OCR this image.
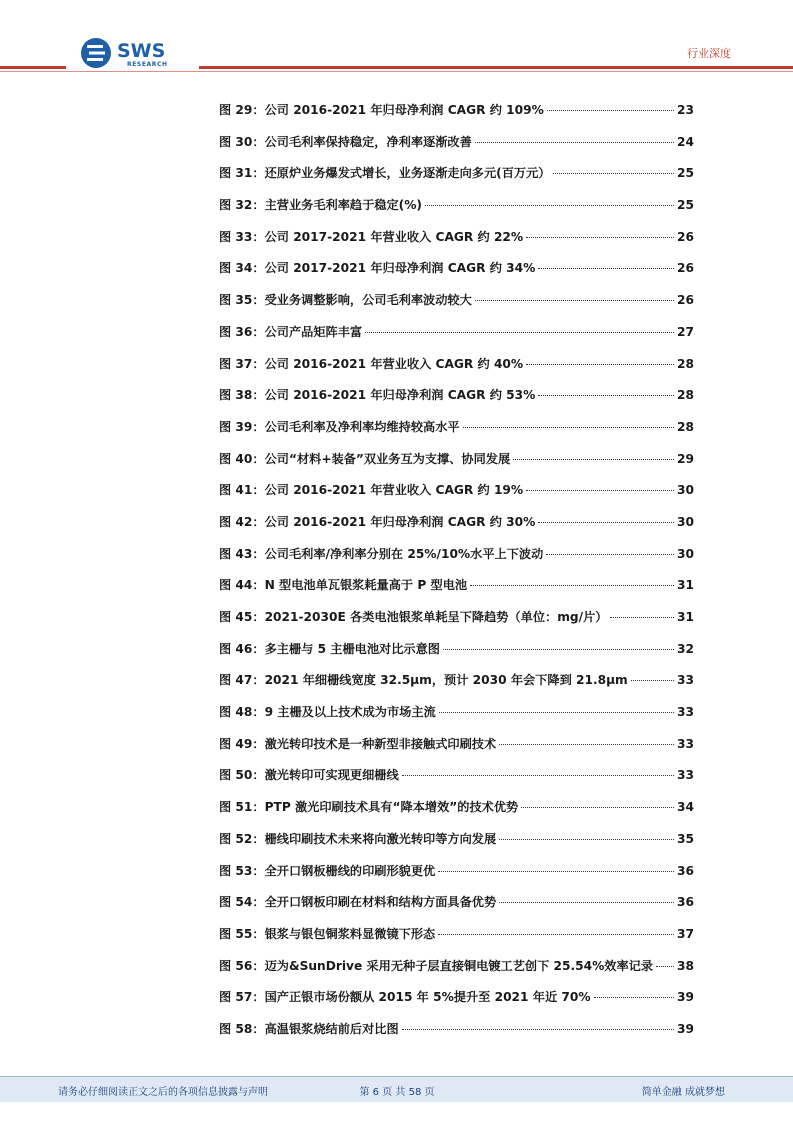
SWS
RESEARCH
行业深度
图 29：公司 2016-2021 年归母净利润 CAGR 约 109%	23
图 30：公司毛利率保持稳定，净利率逐渐改善	24
图 31：还原炉业务爆发式增长，业务逐渐走向多元(百万元）	25
图 32：主营业务毛利率趋于稳定(%)	25
图 33：公司 2017-2021 年营业收入 CAGR 约 22%	26
图 34：公司 2017-2021 年归母净利润 CAGR 约 34%	26
图 35：受业务调整影响，公司毛利率波动较大	26
图 36：公司产品矩阵丰富	27
图 37：公司 2016-2021 年营业收入 CAGR 约 40%	28
图 38：公司 2016-2021 年归母净利润 CAGR 约 53%	28
图 39：公司毛利率及净利率均维持较高水平	28
图 40：公司“材料+装备”双业务互为支撑、协同发展	29
图 41：公司 2016-2021 年营业收入 CAGR 约 19%	30
图 42：公司 2016-2021 年归母净利润 CAGR 约 30%	30
图 43：公司毛利率/净利率分别在 25%/10%水平上下波动	30
图 44：N 型电池单瓦银浆耗量高于 P 型电池	31
图 45：2021-2030E 各类电池银浆单耗呈下降趋势（单位：mg/片）	31
图 46：多主栅与 5 主栅电池对比示意图	32
图 47：2021 年细栅线宽度 32.5μm，预计 2030 年会下降到 21.8μm	33
图 48：9 主栅及以上技术成为市场主流	33
图 49：激光转印技术是一种新型非接触式印刷技术	33
图 50：激光转印可实现更细栅线	33
图 51：PTP 激光印刷技术具有“降本增效”的技术优势	34
图 52：栅线印刷技术未来将向激光转印等方向发展	35
图 53：全开口钢板栅线的印刷形貌更优	36
图 54：全开口钢板印刷在材料和结构方面具备优势	36
图 55：银浆与银包铜浆料显微镜下形态	37
图 56：迈为&SunDrive 采用无种子层直接铜电镀工艺创下 25.54%效率记录 38
图 57：国产正银市场份额从 2015 年 5%提升至 2021 年近 70%	39
图 58：高温银浆烧结前后对比图	39
请务必仔细阅读正文之后的各项信息披露与声明	第 6 页 共 58 页	简单金融 成就梦想
